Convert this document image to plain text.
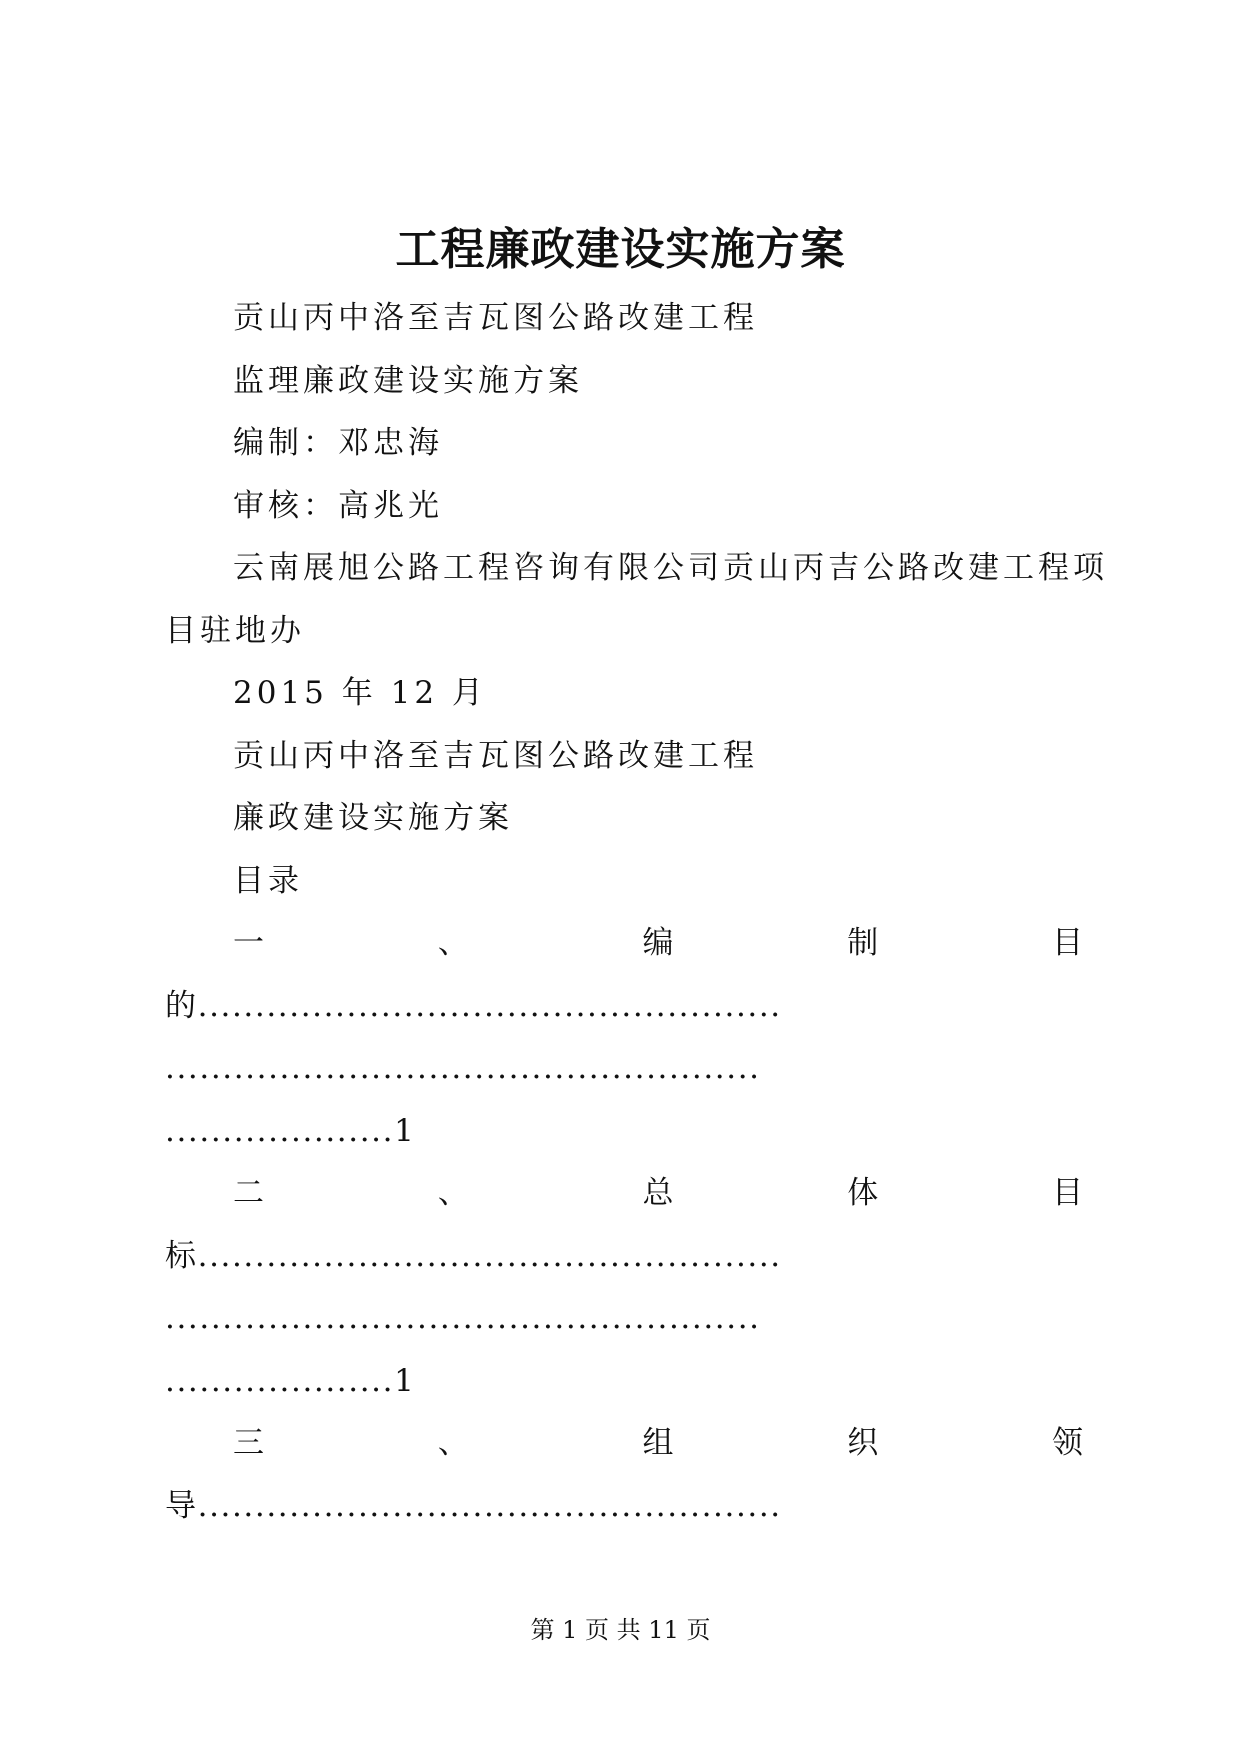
工程廉政建设实施方案
贡山丙中洛至吉瓦图公路改建工程
监理廉政建设实施方案
编制：邓忠海
审核：高兆光
云南展旭公路工程咨询有限公司贡山丙吉公路改建工程项
目驻地办
2015 年 12 月
贡山丙中洛至吉瓦图公路改建工程
廉政建设实施方案
目录
一	、	编	制	目
的...................................................
....................................................
....................1
二	、	总	体	目
标...................................................
....................................................
....................1
三	、	组	织	领
导...................................................
第 1 页 共 11 页
